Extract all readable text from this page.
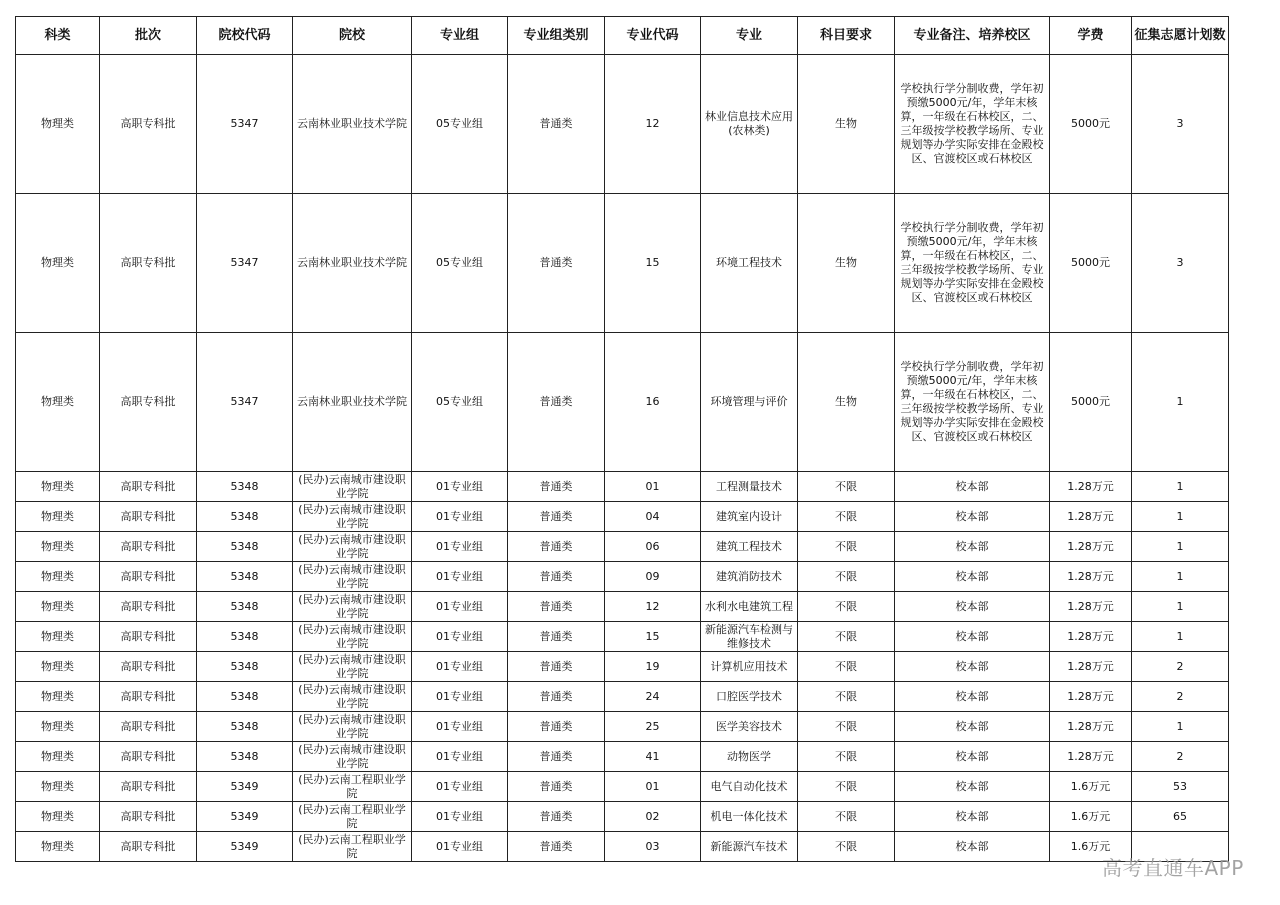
科类	批次	院校代码	院校	专业组	专业组类别	专业代码	专业	科目要求	专业备注、培养校区	学费	征集志愿计划数
物理类	高职专科批	5347	云南林业职业技术学院	05专业组	普通类	12	林业信息技术应用(农林类)	生物	学校执行学分制收费，学年初预缴5000元/年，学年末核算，一年级在石林校区，二、三年级按学校教学场所、专业规划等办学实际安排在金殿校区、官渡校区或石林校区	5000元	3
物理类	高职专科批	5347	云南林业职业技术学院	05专业组	普通类	15	环境工程技术	生物	学校执行学分制收费，学年初预缴5000元/年，学年末核算，一年级在石林校区，二、三年级按学校教学场所、专业规划等办学实际安排在金殿校区、官渡校区或石林校区	5000元	3
物理类	高职专科批	5347	云南林业职业技术学院	05专业组	普通类	16	环境管理与评价	生物	学校执行学分制收费，学年初预缴5000元/年，学年末核算，一年级在石林校区，二、三年级按学校教学场所、专业规划等办学实际安排在金殿校区、官渡校区或石林校区	5000元	1
物理类	高职专科批	5348	(民办)云南城市建设职业学院	01专业组	普通类	01	工程测量技术	不限	校本部	1.28万元	1
物理类	高职专科批	5348	(民办)云南城市建设职业学院	01专业组	普通类	04	建筑室内设计	不限	校本部	1.28万元	1
物理类	高职专科批	5348	(民办)云南城市建设职业学院	01专业组	普通类	06	建筑工程技术	不限	校本部	1.28万元	1
物理类	高职专科批	5348	(民办)云南城市建设职业学院	01专业组	普通类	09	建筑消防技术	不限	校本部	1.28万元	1
物理类	高职专科批	5348	(民办)云南城市建设职业学院	01专业组	普通类	12	水利水电建筑工程	不限	校本部	1.28万元	1
物理类	高职专科批	5348	(民办)云南城市建设职业学院	01专业组	普通类	15	新能源汽车检测与维修技术	不限	校本部	1.28万元	1
物理类	高职专科批	5348	(民办)云南城市建设职业学院	01专业组	普通类	19	计算机应用技术	不限	校本部	1.28万元	2
物理类	高职专科批	5348	(民办)云南城市建设职业学院	01专业组	普通类	24	口腔医学技术	不限	校本部	1.28万元	2
物理类	高职专科批	5348	(民办)云南城市建设职业学院	01专业组	普通类	25	医学美容技术	不限	校本部	1.28万元	1
物理类	高职专科批	5348	(民办)云南城市建设职业学院	01专业组	普通类	41	动物医学	不限	校本部	1.28万元	2
物理类	高职专科批	5349	(民办)云南工程职业学院	01专业组	普通类	01	电气自动化技术	不限	校本部	1.6万元	53
物理类	高职专科批	5349	(民办)云南工程职业学院	01专业组	普通类	02	机电一体化技术	不限	校本部	1.6万元	65
物理类	高职专科批	5349	(民办)云南工程职业学院	01专业组	普通类	03	新能源汽车技术	不限	校本部	1.6万元	
高考直通车APP
